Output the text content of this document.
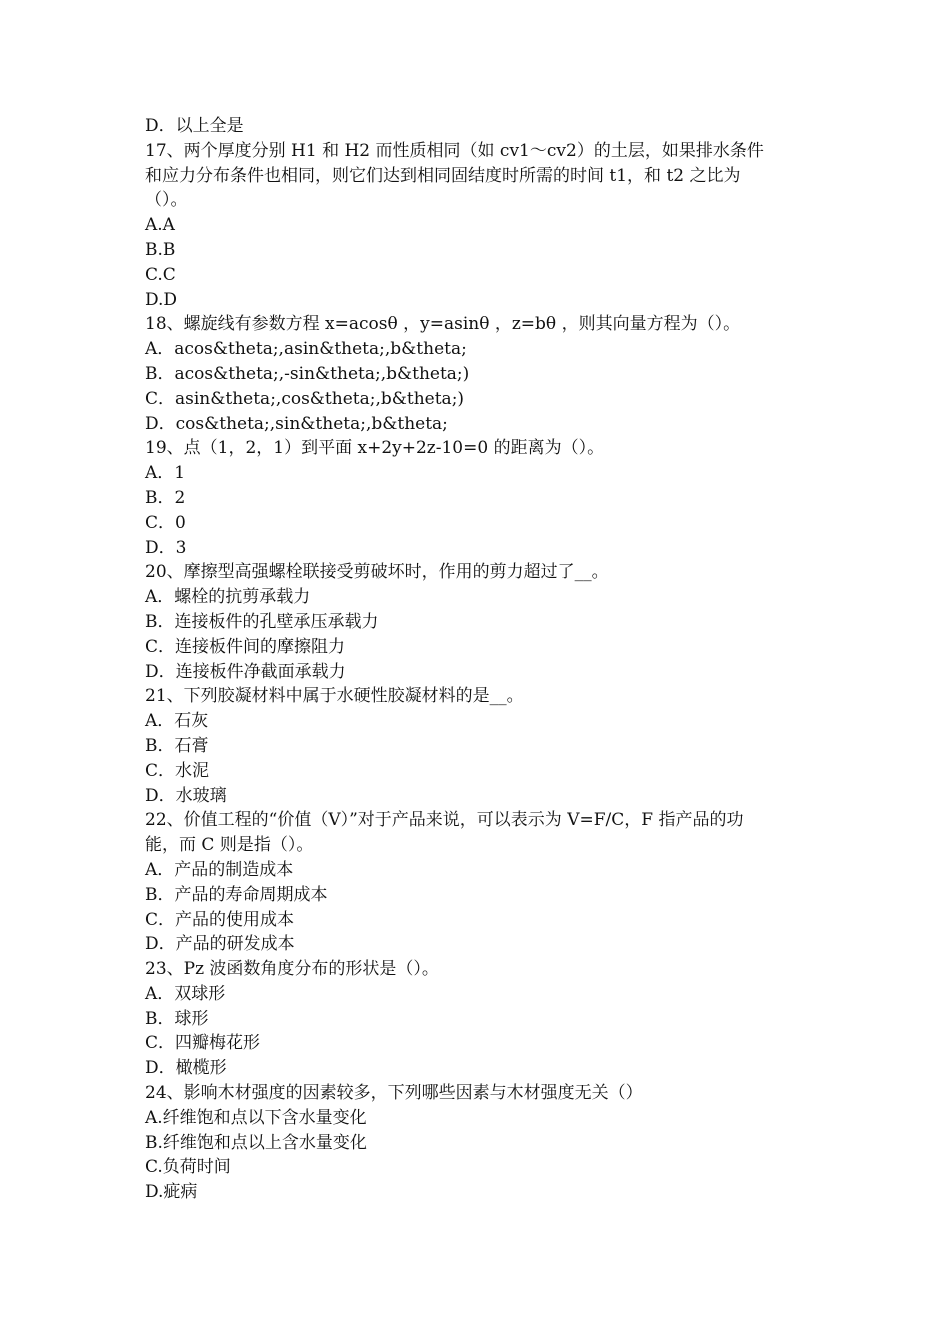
D．以上全是
17、两个厚度分别 H1 和 H2 而性质相同（如 cv1～cv2）的土层，如果排水条件
和应力分布条件也相同，则它们达到相同固结度时所需的时间 t1，和 t2 之比为
（）。
A.A
B.B
C.C
D.D
18、螺旋线有参数方程 x=acosθ ，y=asinθ ，z=bθ ，则其向量方程为（）。
A．acos&theta;,asin&theta;,b&theta;
B．acos&theta;,-sin&theta;,b&theta;)
C．asin&theta;,cos&theta;,b&theta;)
D．cos&theta;,sin&theta;,b&theta;
19、点（1，2，1）到平面 x+2y+2z-10=0 的距离为（）。
A．1
B．2
C．0
D．3
20、摩擦型高强螺栓联接受剪破坏时，作用的剪力超过了__。
A．螺栓的抗剪承载力
B．连接板件的孔壁承压承载力
C．连接板件间的摩擦阻力
D．连接板件净截面承载力
21、下列胶凝材料中属于水硬性胶凝材料的是__。
A．石灰
B．石膏
C．水泥
D．水玻璃
22、价值工程的“价值（V）”对于产品来说，可以表示为 V=F/C，F 指产品的功
能，而 C 则是指（）。
A．产品的制造成本
B．产品的寿命周期成本
C．产品的使用成本
D．产品的研发成本
23、Pz 波函数角度分布的形状是（）。
A．双球形
B．球形
C．四瓣梅花形
D．橄榄形
24、影响木材强度的因素较多，下列哪些因素与木材强度无关（）
A.纤维饱和点以下含水量变化
B.纤维饱和点以上含水量变化
C.负荷时间
D.疵病
